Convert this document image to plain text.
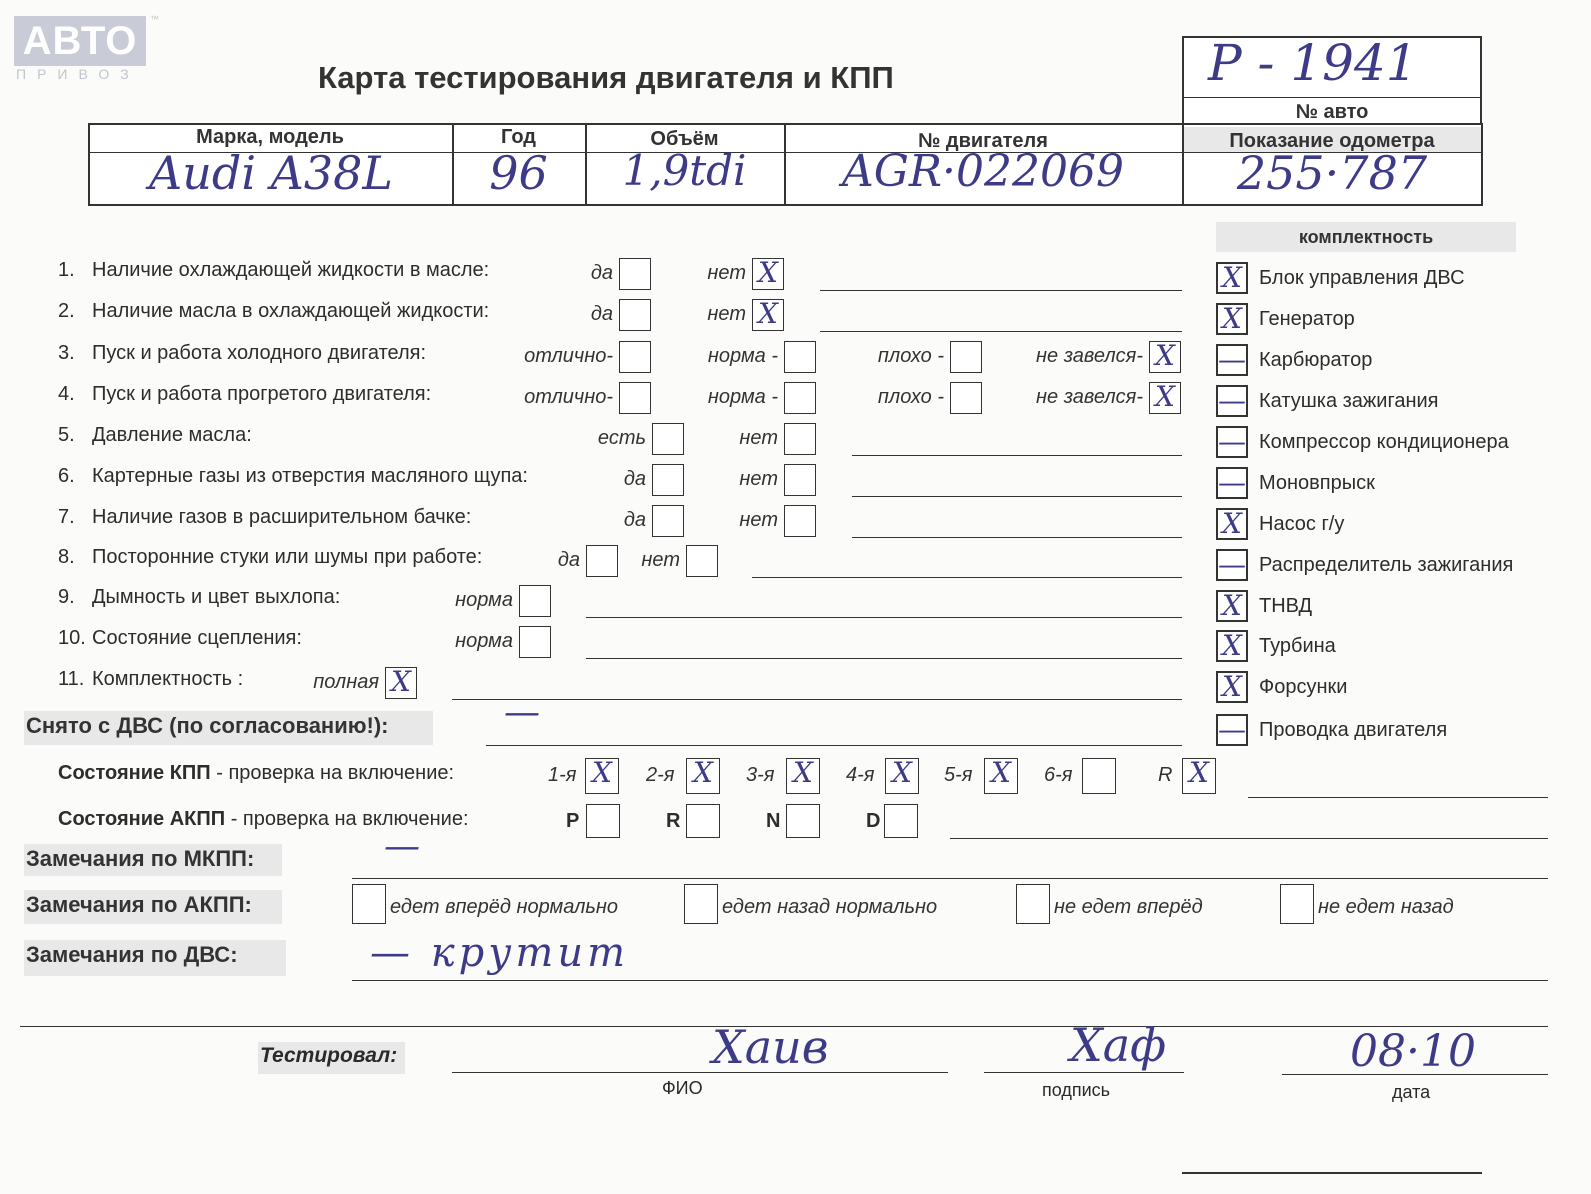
АВТО
ПРИВОЗ
™
Карта тестирования двигателя и КПП	P - 1941
№ авто
Марка, модель	Год	Объём	№ двигателя	Показание одометра
Audi A38L	96	1,9tdi	AGR·022069	255·787
комплектность
1. Наличие охлаждающей жидкости в масле:	да	нет X
2. Наличие масла в охлаждающей жидкости:	да	нет X
3. Пуск и работа холодного двигателя:	отлично-	норма -	плохо -	не завелся- X
4. Пуск и работа прогретого двигателя:	отлично-	норма -	плохо -	не завелся- X
5. Давление масла:	есть	нет
6. Картерные газы из отверстия масляного щупа:	да	нет
7. Наличие газов в расширительном бачке:	да	нет
8. Посторонние стуки или шумы при работе:	да	нет
9. Дымность и цвет выхлопа:	норма
10. Состояние сцепления:	норма
11. Комплектность :	полная X
X Блок управления ДВС
X Генератор
— Карбюратор
— Катушка зажигания
— Компрессор кондиционера
— Моновпрыск
X Насос г/у
— Распределитель зажигания
X ТНВД
X Турбина
X Форсунки
— Проводка двигателя
Снято с ДВС (по согласованию!):	—
Состояние КПП - проверка на включение:	1-я X	2-я X	3-я X	4-я X	5-я X	6-я	R X
Состояние АКПП - проверка на включение:	P	R	N	D
Замечания по МКПП:	—
Замечания по АКПП:	едет вперёд нормально	едет назад нормально	не едет вперёд	не едет назад
Замечания по ДВС:	— крутит
Тестировал:	Хаив
ФИО
Хаф
подпись
08·10
дата
